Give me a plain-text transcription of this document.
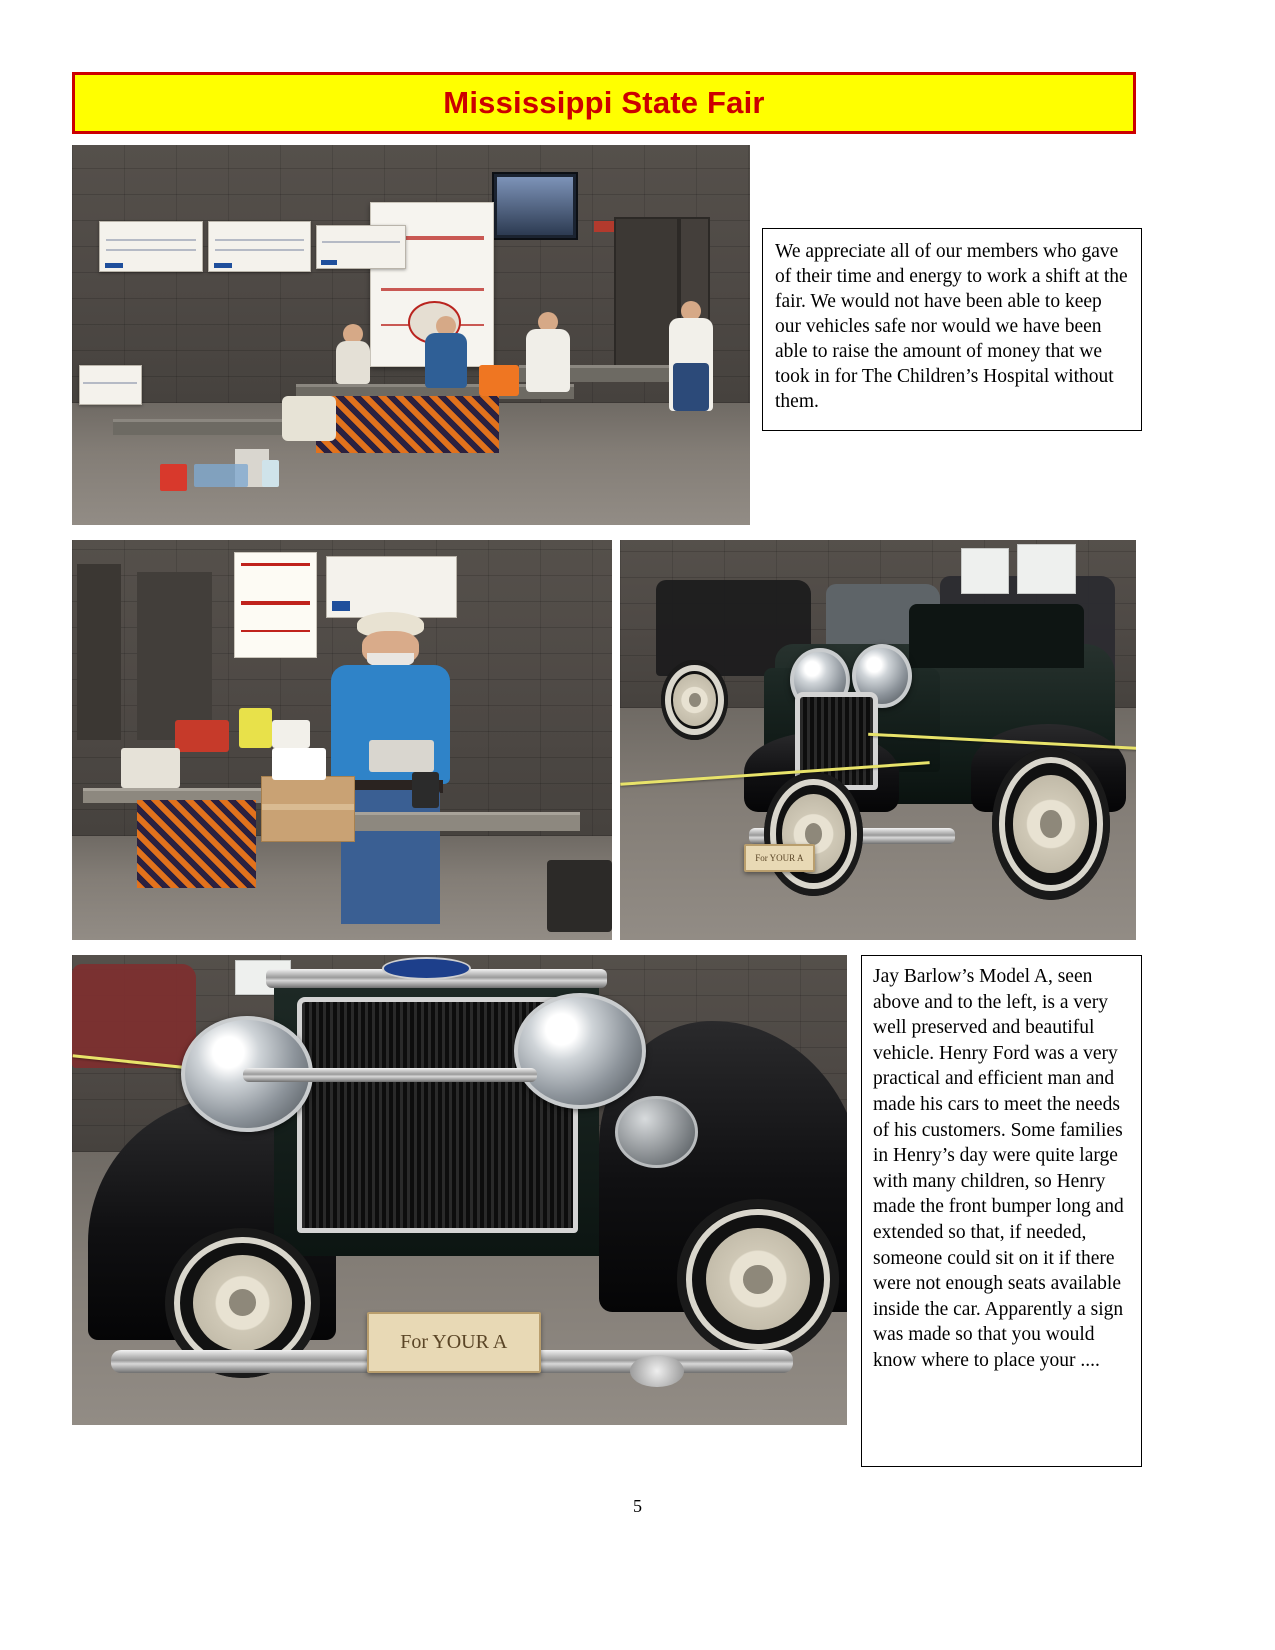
Mississippi State Fair
We appreciate all of our members who gave of their time and energy to work a shift at the fair. We would not have been able to keep our vehicles safe nor would we have been able to raise the amount of money that we took in for The Children’s Hospital without them.
For YOUR A
For YOUR A
Jay Barlow’s Model A, seen above and to the left, is a very well preserved and beautiful vehicle. Henry Ford was a very practical and efficient man and made his cars to meet the needs of his customers. Some families in Henry’s day were quite large with many children, so Henry made the front bumper long and extended so that, if needed, someone could sit on it if there were not enough seats available inside the car. Apparently a sign was made so that you would know where to place your ....
5
